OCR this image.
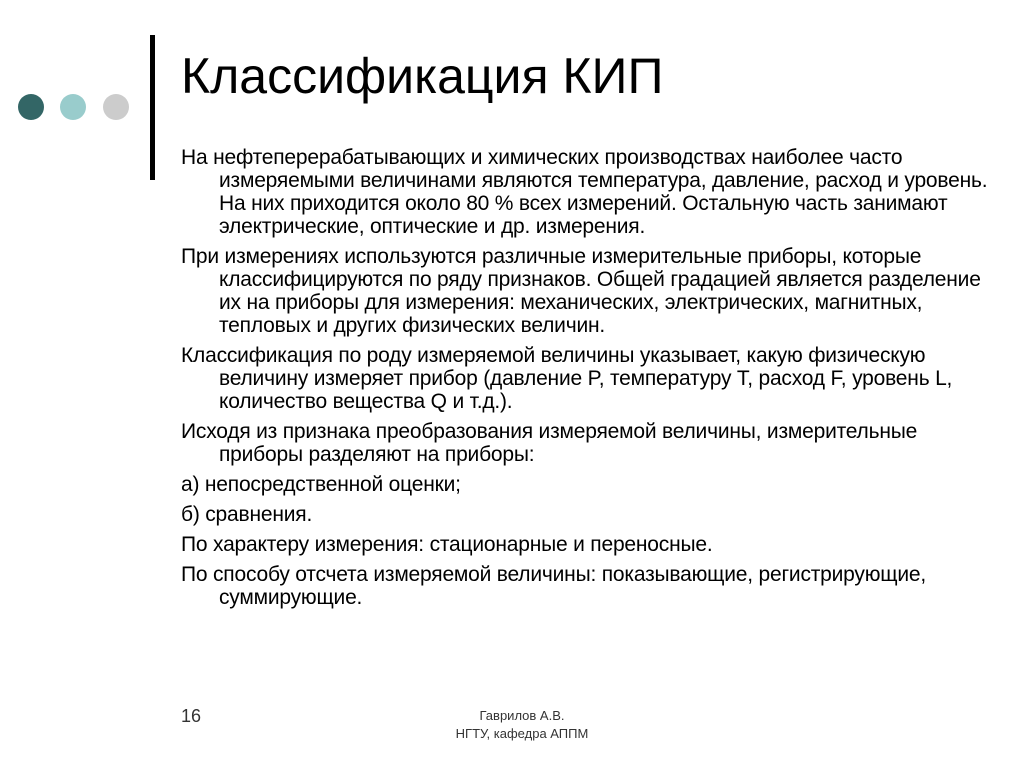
Классификация КИП

На нефтеперерабатывающих и химических производствах наиболее часто измеряемыми величинами являются температура, давление, расход и уровень. На них приходится около 80 % всех измерений. Остальную часть занимают электрические, оптические и др. измерения.

При измерениях используются различные измерительные приборы, которые классифицируются по ряду признаков. Общей градацией является разделение их на приборы для измерения: механических, электрических, магнитных, тепловых и других физических величин.

Классификация по роду измеряемой величины указывает, какую физическую величину измеряет прибор (давление P, температуру T, расход F, уровень L, количество вещества Q и т.д.).

Исходя из признака преобразования измеряемой величины, измерительные приборы разделяют на приборы:

а) непосредственной оценки;

б) сравнения.

По характеру измерения: стационарные и переносные.

По способу отсчета измеряемой величины: показывающие, регистрирующие, суммирующие.

16	Гаврилов А.В.
НГТУ, кафедра АППМ
